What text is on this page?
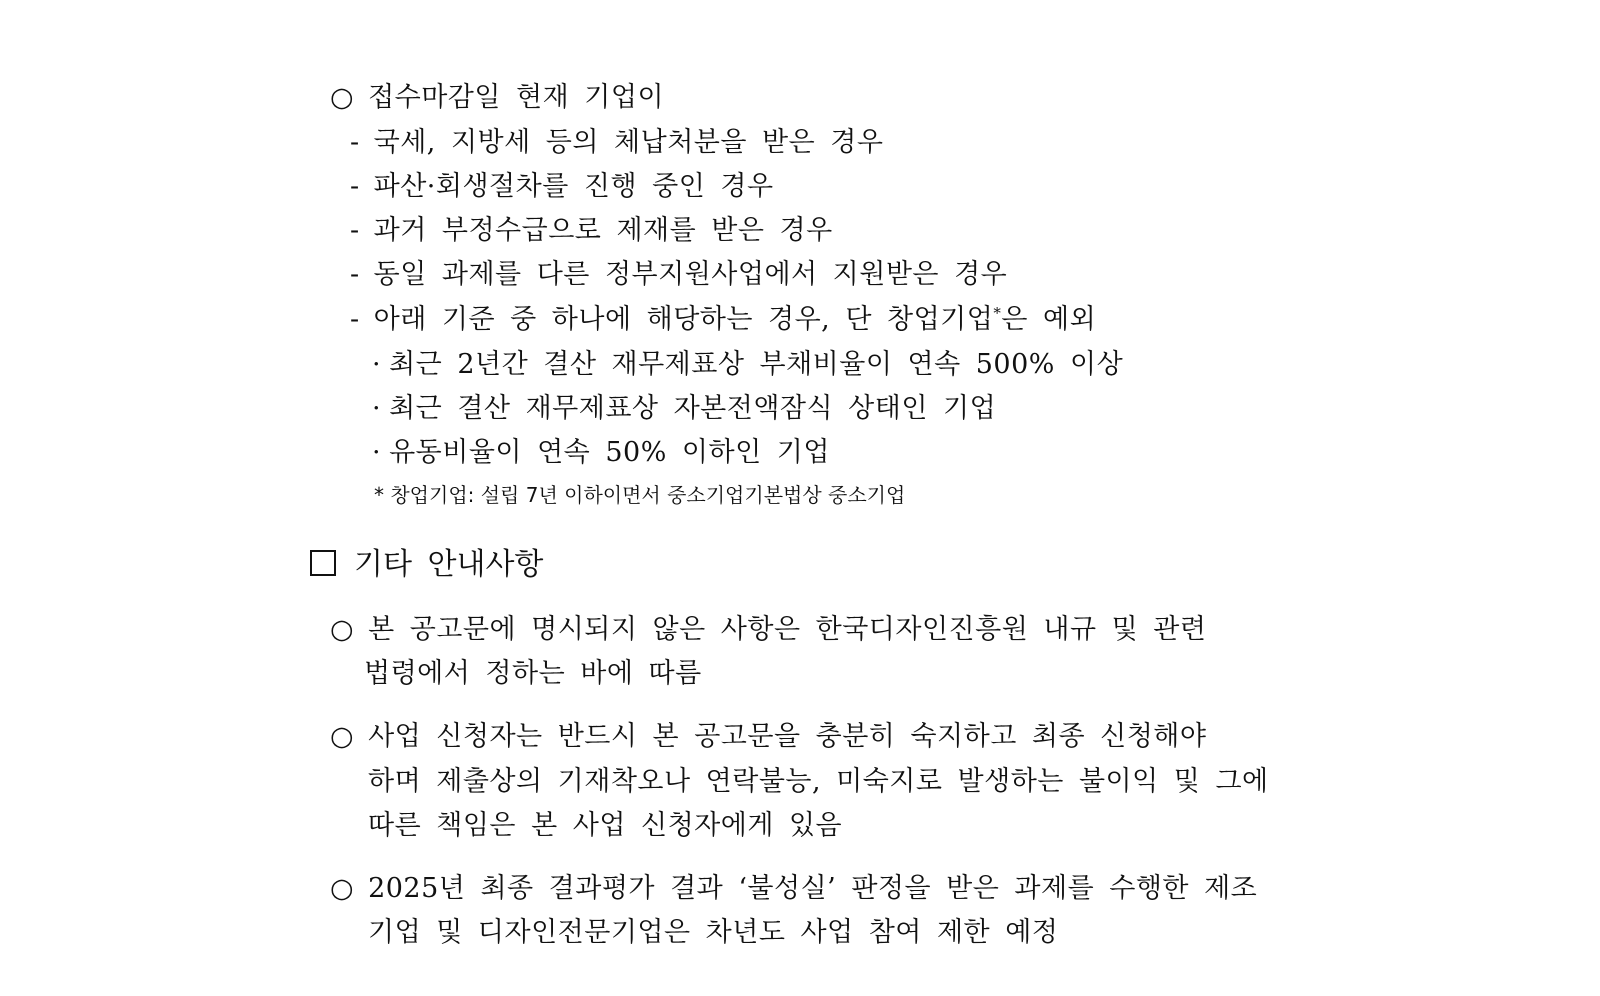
○ 접수마감일 현재 기업이
- 국세, 지방세 등의 체납처분을 받은 경우
- 파산·회생절차를 진행 중인 경우
- 과거 부정수급으로 제재를 받은 경우
- 동일 과제를 다른 정부지원사업에서 지원받은 경우
- 아래 기준 중 하나에 해당하는 경우, 단 창업기업*은 예외
· 최근 2년간 결산 재무제표상 부채비율이 연속 500% 이상
· 최근 결산 재무제표상 자본전액잠식 상태인 기업
· 유동비율이 연속 50% 이하인 기업
* 창업기업: 설립 7년 이하이면서 중소기업기본법상 중소기업
기타 안내사항
○ 본 공고문에 명시되지 않은 사항은 한국디자인진흥원 내규 및 관련
법령에서 정하는 바에 따름
○ 사업 신청자는 반드시 본 공고문을 충분히 숙지하고 최종 신청해야
하며 제출상의 기재착오나 연락불능, 미숙지로 발생하는 불이익 및 그에
따른 책임은 본 사업 신청자에게 있음
○ 2025년 최종 결과평가 결과 ‘불성실’ 판정을 받은 과제를 수행한 제조
기업 및 디자인전문기업은 차년도 사업 참여 제한 예정
